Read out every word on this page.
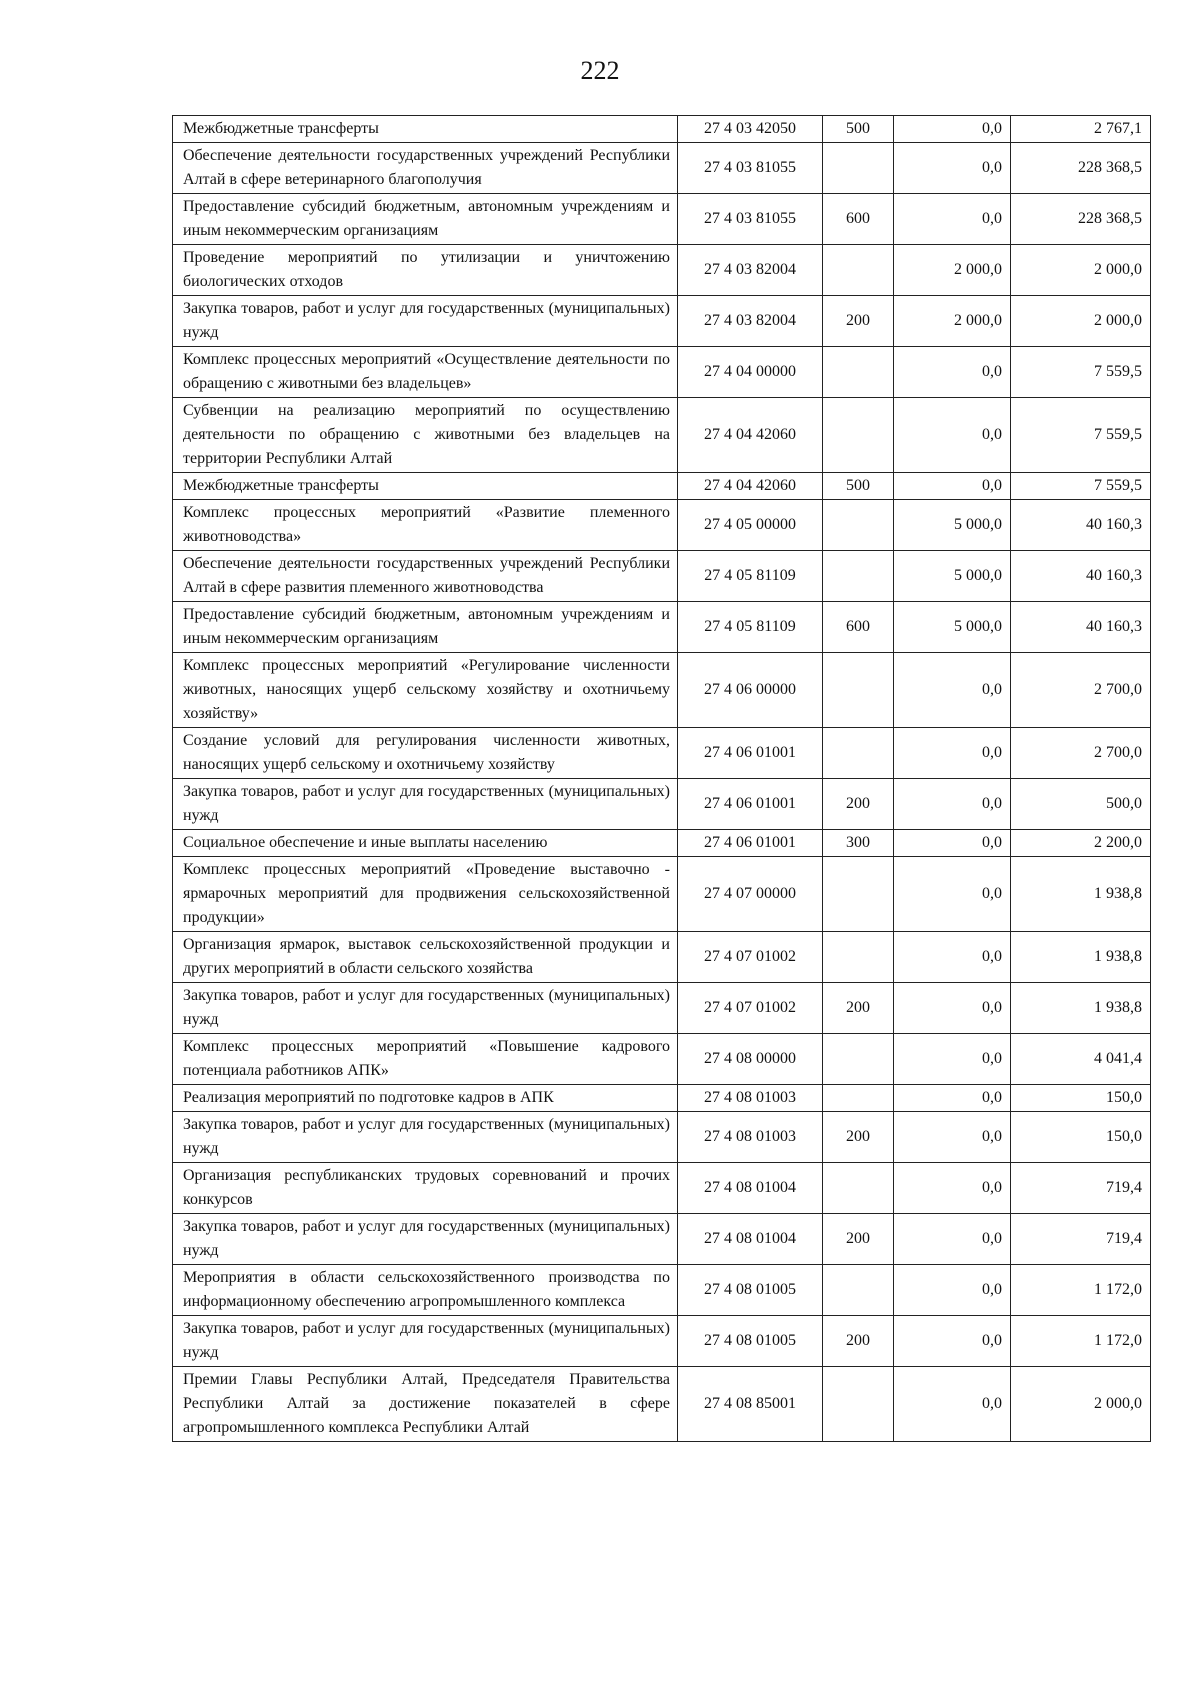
222
Межбюджетные трансферты	27 4 03 42050	500	0,0	2 767,1
Обеспечение деятельности государственных учреждений Республики Алтай в сфере ветеринарного благополучия	27 4 03 81055		0,0	228 368,5
Предоставление субсидий бюджетным, автономным учреждениям и иным некоммерческим организациям	27 4 03 81055	600	0,0	228 368,5
Проведение мероприятий по утилизации и уничтожению биологических отходов	27 4 03 82004		2 000,0	2 000,0
Закупка товаров, работ и услуг для государственных (муниципальных) нужд	27 4 03 82004	200	2 000,0	2 000,0
Комплекс процессных мероприятий «Осуществление деятельности по обращению с животными без владельцев»	27 4 04 00000		0,0	7 559,5
Субвенции на реализацию мероприятий по осуществлению деятельности по обращению с животными без владельцев на территории Республики Алтай	27 4 04 42060		0,0	7 559,5
Межбюджетные трансферты	27 4 04 42060	500	0,0	7 559,5
Комплекс процессных мероприятий «Развитие племенного животноводства»	27 4 05 00000		5 000,0	40 160,3
Обеспечение деятельности государственных учреждений Республики Алтай в сфере развития племенного животноводства	27 4 05 81109		5 000,0	40 160,3
Предоставление субсидий бюджетным, автономным учреждениям и иным некоммерческим организациям	27 4 05 81109	600	5 000,0	40 160,3
Комплекс процессных мероприятий «Регулирование численности животных, наносящих ущерб сельскому хозяйству и охотничьему хозяйству»	27 4 06 00000		0,0	2 700,0
Создание условий для регулирования численности животных, наносящих ущерб сельскому и охотничьему хозяйству	27 4 06 01001		0,0	2 700,0
Закупка товаров, работ и услуг для государственных (муниципальных) нужд	27 4 06 01001	200	0,0	500,0
Социальное обеспечение и иные выплаты населению	27 4 06 01001	300	0,0	2 200,0
Комплекс процессных мероприятий «Проведение выставочно - ярмарочных мероприятий для продвижения сельскохозяйственной продукции»	27 4 07 00000		0,0	1 938,8
Организация ярмарок, выставок сельскохозяйственной продукции и других мероприятий в области сельского хозяйства	27 4 07 01002		0,0	1 938,8
Закупка товаров, работ и услуг для государственных (муниципальных) нужд	27 4 07 01002	200	0,0	1 938,8
Комплекс процессных мероприятий «Повышение кадрового потенциала работников АПК»	27 4 08 00000		0,0	4 041,4
Реализация мероприятий по подготовке кадров в АПК	27 4 08 01003		0,0	150,0
Закупка товаров, работ и услуг для государственных (муниципальных) нужд	27 4 08 01003	200	0,0	150,0
Организация республиканских трудовых соревнований и прочих конкурсов	27 4 08 01004		0,0	719,4
Закупка товаров, работ и услуг для государственных (муниципальных) нужд	27 4 08 01004	200	0,0	719,4
Мероприятия в области сельскохозяйственного производства по информационному обеспечению агропромышленного комплекса	27 4 08 01005		0,0	1 172,0
Закупка товаров, работ и услуг для государственных (муниципальных) нужд	27 4 08 01005	200	0,0	1 172,0
Премии Главы Республики Алтай, Председателя Правительства Республики Алтай за достижение показателей в сфере агропромышленного комплекса Республики Алтай	27 4 08 85001		0,0	2 000,0
